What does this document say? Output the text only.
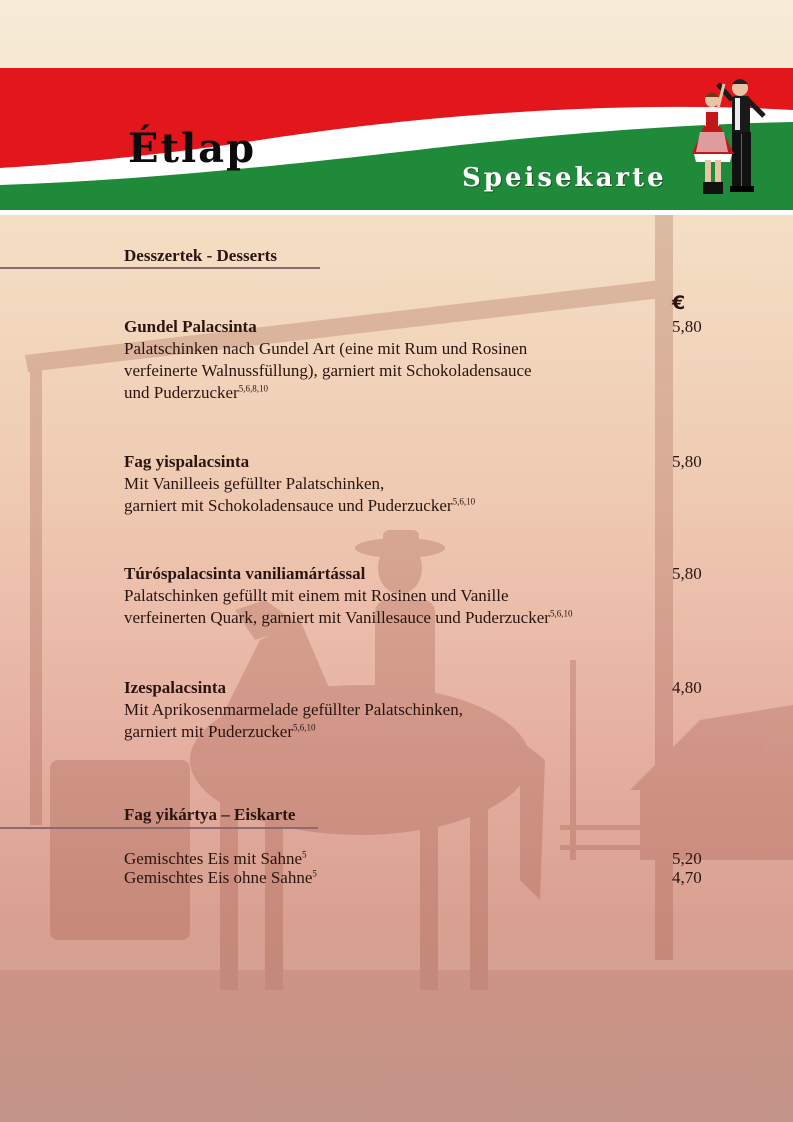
Étlap
Speisekarte
Desszertek - Desserts
€
Gundel Palacsinta
Palatschinken nach Gundel Art (eine mit Rum und Rosinen
verfeinerte Walnussfüllung), garniert mit Schokoladensauce
und Puderzucker$^{5,6,8,10}$
5,80
Fag yispalacsinta
Mit Vanilleeis gefüllter Palatschinken,
garniert mit Schokoladensauce und Puderzucker$^{5,6,10}$
5,80
Túróspalacsinta vaniliamártással
Palatschinken gefüllt mit einem mit Rosinen und Vanille
verfeinerten Quark, garniert mit Vanillesauce und Puderzucker$^{5,6,10}$
5,80
Izespalacsinta
Mit Aprikosenmarmelade gefüllter Palatschinken,
garniert mit Puderzucker$^{5,6,10}$
4,80
Fag yikártya – Eiskarte
Gemischtes Eis mit Sahne$^5$	5,20
Gemischtes Eis ohne Sahne$^5$	4,70
